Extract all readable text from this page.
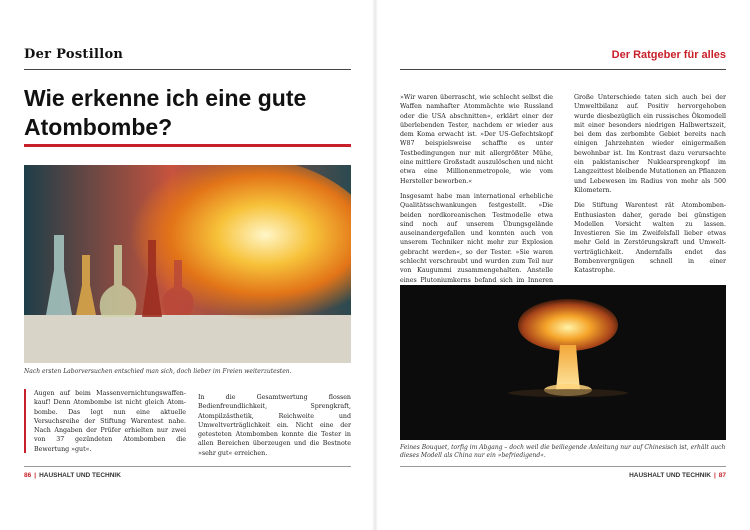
Der Postillon
Wie erkenne ich eine gute Atombombe?
Nach ersten Laborversuchen entschied man sich, doch lieber im Freien weiterzutesten.
Augen auf beim Massenvernichtungswaffenkauf! Denn Atombombe ist nicht gleich Atombombe. Das legt nun eine aktuelle Versuchsreihe der Stiftung Warentest nahe. Nach Angaben der Prüfer erhielten nur zwei von 37 gezündeten Atombomben die Bewertung »gut«.
In die Gesamtwertung flossen Bedienfreundlichkeit, Sprengkraft, Atompilzästhetik, Reichweite und Umweltverträglichkeit ein. Nicht eine der getesteten Atombomben konnte die Tester in allen Bereichen überzeugen und die Bestnote »sehr gut« erreichen.
86 | HAUSHALT UND TECHNIK
Der Ratgeber für alles

»Wir waren überrascht, wie schlecht selbst die Waffen namhafter Atommächte wie Russland oder die USA abschnitten«, erklärt einer der überlebenden Tester, nachdem er wieder aus dem Koma erwacht ist. »Der US-Gefechtskopf W87 beispielsweise schaffte es unter Testbedingungen nur mit allergrößter Mühe, eine mittlere Großstadt auszulöschen und nicht etwa eine Millionenmetropole, wie vom Hersteller beworben.«

Insgesamt habe man international erhebliche Qualitätsschwankungen festgestellt. »Die beiden nordkoreanischen Testmodelle etwa sind noch auf unserem Übungsgelände auseinandergefallen und konnten auch von unserem Techniker nicht mehr zur Explosion gebracht werden«, so der Tester. »Sie waren schlecht verschraubt und wurden zum Teil nur von Kaugummi zusammengehalten. Anstelle eines Plutoniumkerns befand sich im Inneren

Große Unterschiede taten sich auch bei der Umweltbilanz auf. Positiv hervorgehoben wurde diesbezüglich ein russisches Ökomodell mit einer besonders niedrigen Halbwertszeit, bei dem das zerbombte Gebiet bereits nach einigen Jahrzehnten wieder einigermaßen bewohnbar ist. Im Kontrast dazu verursachte ein pakistanischer Nuklearsprengkopf im Langzeittest bleibende Mutationen an Pflanzen und Lebewesen im Radius von mehr als 500 Kilometern.

Die Stiftung Warentest rät Atombomben-Enthusiasten daher, gerade bei günstigen Modellen Vorsicht walten zu lassen. Investieren Sie im Zweifelsfall lieber etwas mehr Geld in Zerstörungskraft und Umweltverträglichkeit. Andernfalls endet das Bombenvergnügen schnell in einer Katastrophe.

Feines Bouquet, torfig im Abgang – doch weil die beiliegende Anleitung nur auf Chinesisch ist, erhält auch dieses Modell als China nur ein »befriedigend«.
HAUSHALT UND TECHNIK | 87
